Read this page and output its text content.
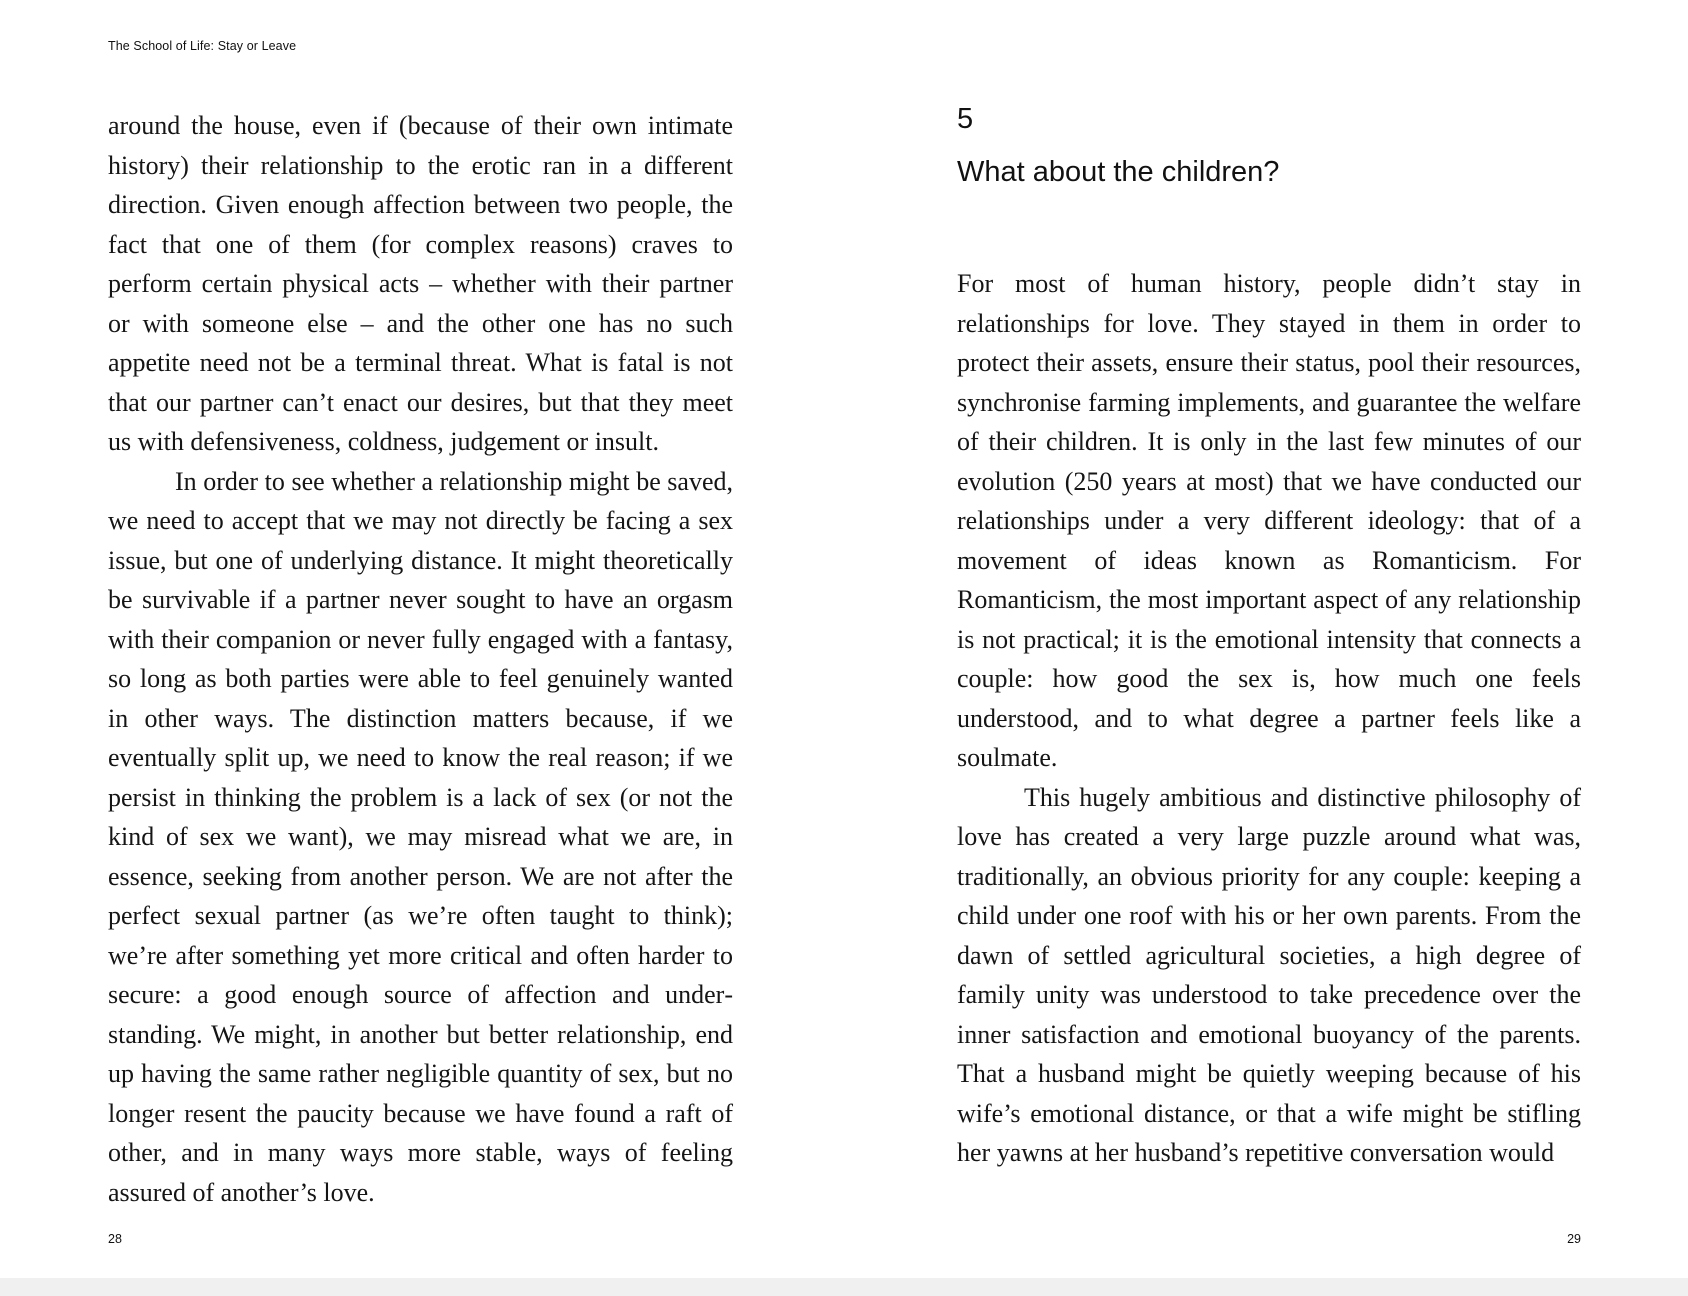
The School of Life: Stay or Leave

around the house, even if (because of their own intimate history) their relationship to the erotic ran in a different direction. Given enough affection between two people, the fact that one of them (for complex reasons) craves to perform certain physical acts – whether with their partner or with someone else – and the other one has no such appetite need not be a terminal threat. What is fatal is not that our partner can’t enact our desires, but that they meet us with defensiveness, coldness, judgement or insult.

In order to see whether a relationship might be saved, we need to accept that we may not directly be facing a sex issue, but one of underlying distance. It might theoretically be survivable if a partner never sought to have an orgasm with their companion or never fully engaged with a fantasy, so long as both parties were able to feel genuinely wanted in other ways. The distinction matters because, if we eventually split up, we need to know the real reason; if we persist in thinking the problem is a lack of sex (or not the kind of sex we want), we may misread what we are, in essence, seeking from another person. We are not after the perfect sexual partner (as we’re often taught to think); we’re after something yet more critical and often harder to secure: a good enough source of affection and understanding. We might, in another but better relationship, end up having the same rather negligible quantity of sex, but no longer resent the paucity because we have found a raft of other, and in many ways more stable, ways of feeling assured of another’s love.

28
5
What about the children?

For most of human history, people didn’t stay in relationships for love. They stayed in them in order to protect their assets, ensure their status, pool their resources, synchronise farming implements, and guarantee the welfare of their children. It is only in the last few minutes of our evolution (250 years at most) that we have conducted our relationships under a very different ideology: that of a movement of ideas known as Romanticism. For Romanticism, the most important aspect of any relationship is not practical; it is the emotional intensity that connects a couple: how good the sex is, how much one feels understood, and to what degree a partner feels like a soulmate.

This hugely ambitious and distinctive philosophy of love has created a very large puzzle around what was, traditionally, an obvious priority for any couple: keeping a child under one roof with his or her own parents. From the dawn of settled agricultural societies, a high degree of family unity was understood to take precedence over the inner satisfaction and emotional buoyancy of the parents. That a husband might be quietly weeping because of his wife’s emotional distance, or that a wife might be stifling her yawns at her husband’s repetitive conversation would

29
